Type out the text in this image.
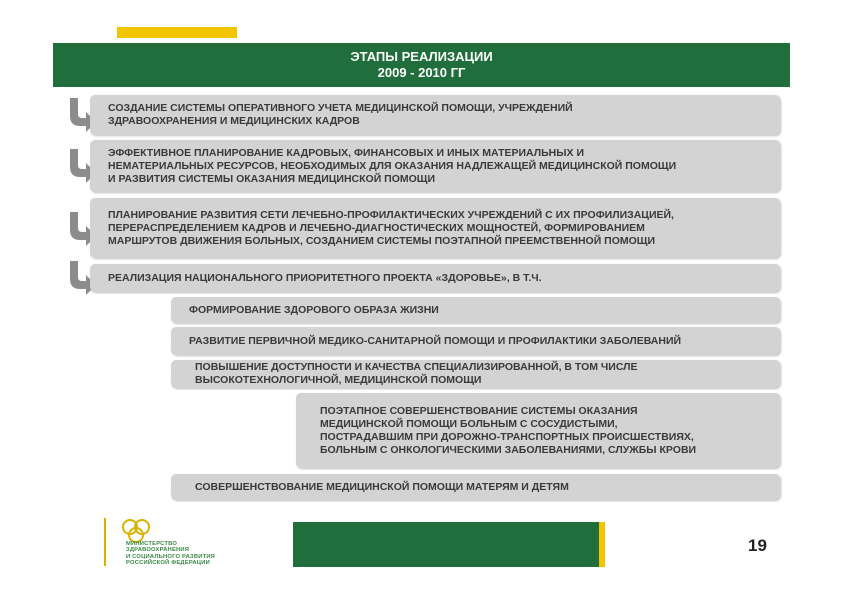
ЭТАПЫ РЕАЛИЗАЦИИ
2009 - 2010 ГГ
СОЗДАНИЕ СИСТЕМЫ ОПЕРАТИВНОГО УЧЕТА МЕДИЦИНСКОЙ ПОМОЩИ, УЧРЕЖДЕНИЙ
ЗДРАВООХРАНЕНИЯ И МЕДИЦИНСКИХ КАДРОВ
ЭФФЕКТИВНОЕ ПЛАНИРОВАНИЕ КАДРОВЫХ, ФИНАНСОВЫХ И ИНЫХ МАТЕРИАЛЬНЫХ И
НЕМАТЕРИАЛЬНЫХ РЕСУРСОВ, НЕОБХОДИМЫХ ДЛЯ ОКАЗАНИЯ НАДЛЕЖАЩЕЙ МЕДИЦИНСКОЙ ПОМОЩИ
И РАЗВИТИЯ СИСТЕМЫ ОКАЗАНИЯ МЕДИЦИНСКОЙ ПОМОЩИ
ПЛАНИРОВАНИЕ РАЗВИТИЯ СЕТИ ЛЕЧЕБНО-ПРОФИЛАКТИЧЕСКИХ УЧРЕЖДЕНИЙ С ИХ ПРОФИЛИЗАЦИЕЙ,
ПЕРЕРАСПРЕДЕЛЕНИЕМ КАДРОВ И ЛЕЧЕБНО-ДИАГНОСТИЧЕСКИХ МОЩНОСТЕЙ, ФОРМИРОВАНИЕМ
МАРШРУТОВ ДВИЖЕНИЯ БОЛЬНЫХ, СОЗДАНИЕМ СИСТЕМЫ ПОЭТАПНОЙ ПРЕЕМСТВЕННОЙ ПОМОЩИ
РЕАЛИЗАЦИЯ НАЦИОНАЛЬНОГО ПРИОРИТЕТНОГО ПРОЕКТА «ЗДОРОВЬЕ», В Т.Ч.
ФОРМИРОВАНИЕ ЗДОРОВОГО ОБРАЗА ЖИЗНИ
РАЗВИТИЕ ПЕРВИЧНОЙ МЕДИКО-САНИТАРНОЙ ПОМОЩИ И ПРОФИЛАКТИКИ ЗАБОЛЕВАНИЙ
ПОВЫШЕНИЕ ДОСТУПНОСТИ И КАЧЕСТВА СПЕЦИАЛИЗИРОВАННОЙ, В ТОМ ЧИСЛЕ
ВЫСОКОТЕХНОЛОГИЧНОЙ, МЕДИЦИНСКОЙ ПОМОЩИ
ПОЭТАПНОЕ СОВЕРШЕНСТВОВАНИЕ СИСТЕМЫ ОКАЗАНИЯ
МЕДИЦИНСКОЙ ПОМОЩИ БОЛЬНЫМ С СОСУДИСТЫМИ,
ПОСТРАДАВШИМ ПРИ ДОРОЖНО-ТРАНСПОРТНЫХ ПРОИСШЕСТВИЯХ,
БОЛЬНЫМ С ОНКОЛОГИЧЕСКИМИ ЗАБОЛЕВАНИЯМИ, СЛУЖБЫ КРОВИ
СОВЕРШЕНСТВОВАНИЕ МЕДИЦИНСКОЙ ПОМОЩИ МАТЕРЯМ И ДЕТЯМ
МИНИСТЕРСТВО
ЗДРАВООХРАНЕНИЯ
И СОЦИАЛЬНОГО РАЗВИТИЯ
РОССИЙСКОЙ ФЕДЕРАЦИИ
19
